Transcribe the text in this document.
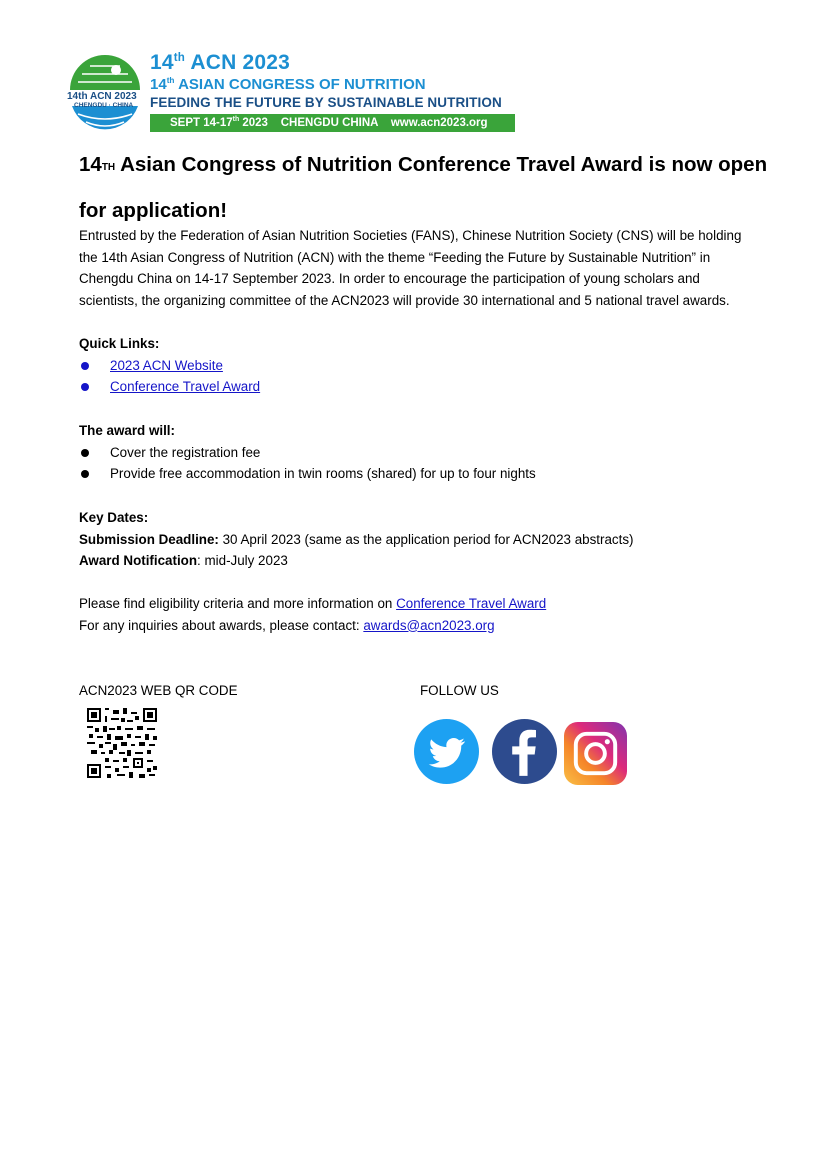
14th ACN 2023
CHENGDU · CHINA
14th ACN 2023
14th ASIAN CONGRESS OF NUTRITION
FEEDING THE FUTURE BY SUSTAINABLE NUTRITION
SEPT 14-17th 2023    CHENGDU CHINA    www.acn2023.org
14TH Asian Congress of Nutrition Conference Travel Award is now open for application!
Entrusted by the Federation of Asian Nutrition Societies (FANS), Chinese Nutrition Society (CNS) will be holding the 14th Asian Congress of Nutrition (ACN) with the theme “Feeding the Future by Sustainable Nutrition” in Chengdu China on 14-17 September 2023. In order to encourage the participation of young scholars and scientists, the organizing committee of the ACN2023 will provide 30 international and 5 national travel awards.
Quick Links:
2023 ACN Website
Conference Travel Award
The award will:
Cover the registration fee
Provide free accommodation in twin rooms (shared) for up to four nights
Key Dates:
Submission Deadline: 30 April 2023 (same as the application period for ACN2023 abstracts)
Award Notification: mid-July 2023
Please find eligibility criteria and more information on Conference Travel Award
For any inquiries about awards, please contact: awards@acn2023.org
ACN2023 WEB QR CODE	FOLLOW US
